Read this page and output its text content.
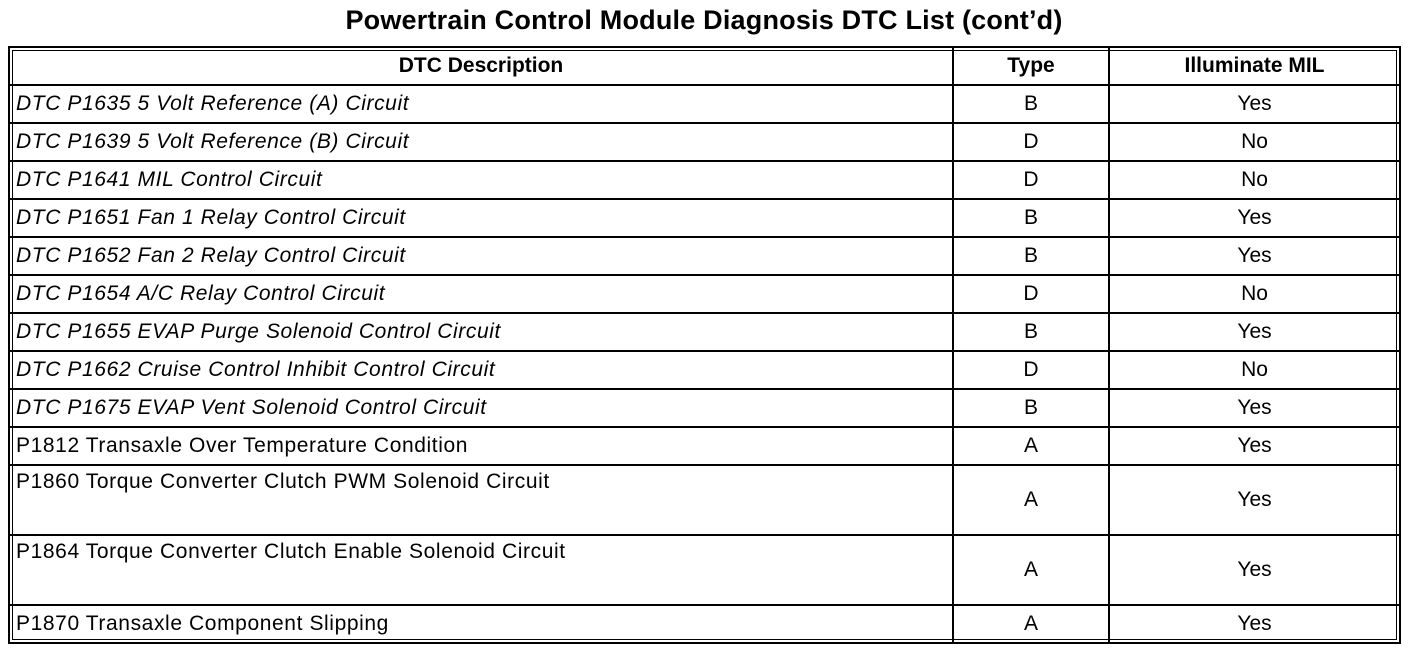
Powertrain Control Module Diagnosis DTC List (cont’d)
DTC Description	Type	Illuminate MIL
DTC P1635 5 Volt Reference (A) Circuit	B	Yes
DTC P1639 5 Volt Reference (B) Circuit	D	No
DTC P1641 MIL Control Circuit	D	No
DTC P1651 Fan 1 Relay Control Circuit	B	Yes
DTC P1652 Fan 2 Relay Control Circuit	B	Yes
DTC P1654 A/C Relay Control Circuit	D	No
DTC P1655 EVAP Purge Solenoid Control Circuit	B	Yes
DTC P1662 Cruise Control Inhibit Control Circuit	D	No
DTC P1675 EVAP Vent Solenoid Control Circuit	B	Yes
P1812 Transaxle Over Temperature Condition	A	Yes
P1860 Torque Converter Clutch PWM Solenoid Circuit	A	Yes
P1864 Torque Converter Clutch Enable Solenoid Circuit	A	Yes
P1870 Transaxle Component Slipping	A	Yes
